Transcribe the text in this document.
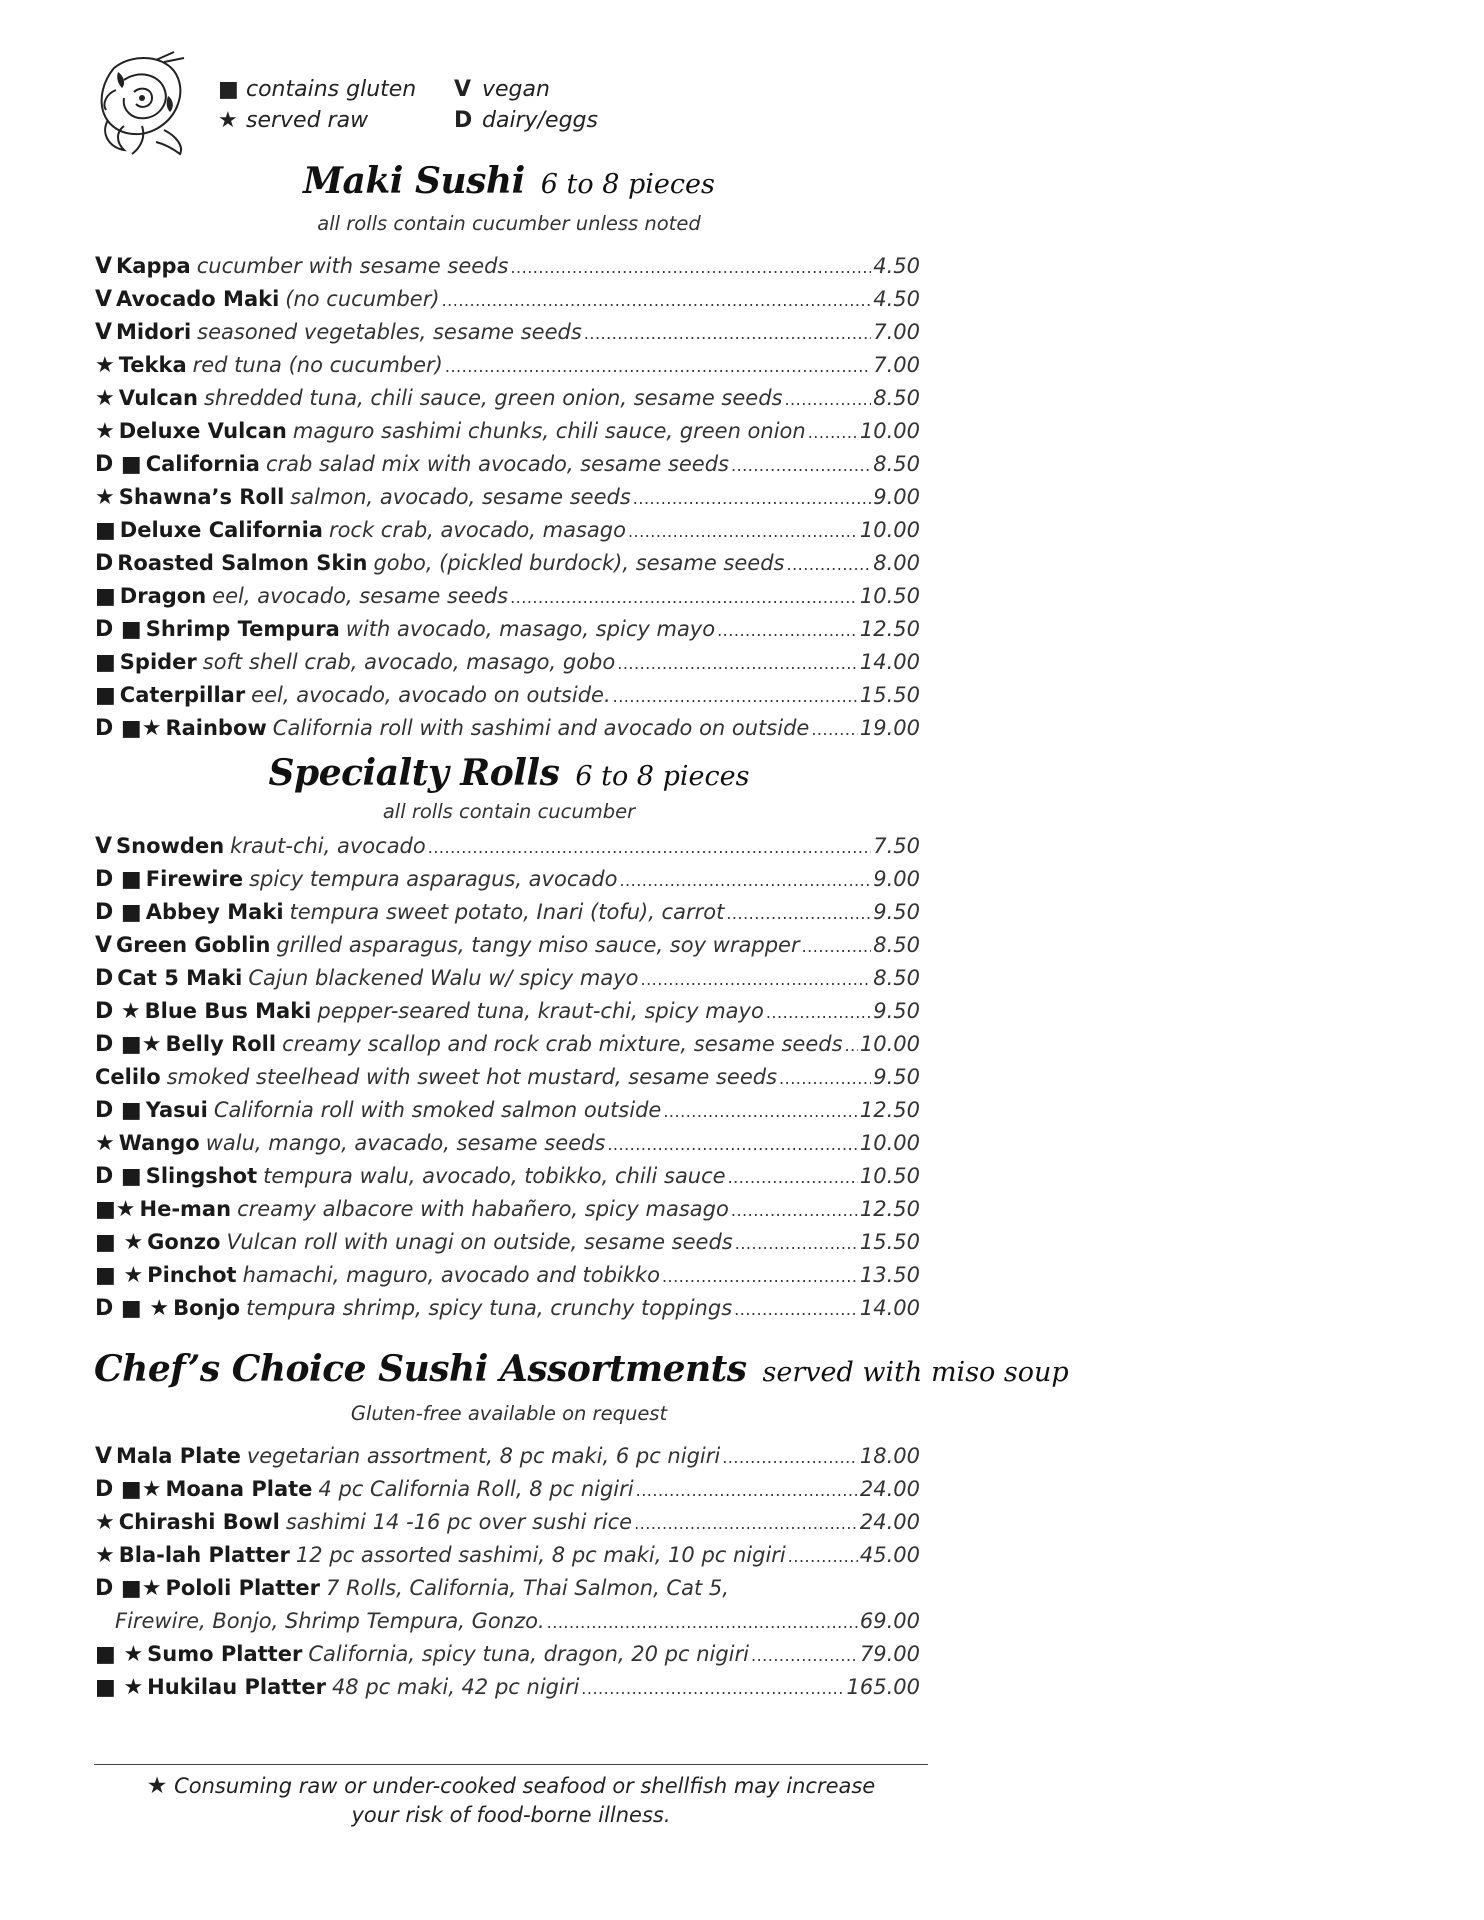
■ contains gluten
★ served raw
V vegan
D dairy/eggs
Maki Sushi 6 to 8 pieces
all rolls contain cucumber unless noted
V Kappa cucumber with sesame seeds .....	4.50
V Avocado Maki (no cucumber) .....	4.50
V Midori seasoned vegetables, sesame seeds .....	7.00
★ Tekka red tuna (no cucumber) .....	7.00
★ Vulcan shredded tuna, chili sauce, green onion, sesame seeds .....	8.50
★ Deluxe Vulcan maguro sashimi chunks, chili sauce, green onion .....	10.00
D ■ California crab salad mix with avocado, sesame seeds .....	8.50
★ Shawna’s Roll salmon, avocado, sesame seeds .....	9.00
■ Deluxe California rock crab, avocado, masago .....	10.00
D Roasted Salmon Skin gobo, (pickled burdock), sesame seeds .....	8.00
■ Dragon eel, avocado, sesame seeds .....	10.50
D ■ Shrimp Tempura with avocado, masago, spicy mayo .....	12.50
■ Spider soft shell crab, avocado, masago, gobo .....	14.00
■ Caterpillar eel, avocado, avocado on outside. .....	15.50
D ■★ Rainbow California roll with sashimi and avocado on outside ..... 19.00
Specialty Rolls 6 to 8 pieces
all rolls contain cucumber
V Snowden kraut-chi, avocado .....	7.50
D ■ Firewire spicy tempura asparagus, avocado .....	9.00
D ■ Abbey Maki tempura sweet potato, Inari (tofu), carrot .....	9.50
V Green Goblin grilled asparagus, tangy miso sauce, soy wrapper .....	8.50
D Cat 5 Maki Cajun blackened Walu w/ spicy mayo .....	8.50
D ★ Blue Bus Maki pepper-seared tuna, kraut-chi, spicy mayo .....	9.50
D ■★ Belly Roll creamy scallop and rock crab mixture, sesame seeds ..... 10.00
Celilo smoked steelhead with sweet hot mustard, sesame seeds .....	9.50
D ■ Yasui California roll with smoked salmon outside .....	12.50
★ Wango walu, mango, avacado, sesame seeds .....	10.00
D ■ Slingshot tempura walu, avocado, tobikko, chili sauce .....	10.50
■★ He-man creamy albacore with habañero, spicy masago .....	12.50
■ ★ Gonzo Vulcan roll with unagi on outside, sesame seeds .....	15.50
■ ★ Pinchot hamachi, maguro, avocado and tobikko .....	13.50
D ■ ★ Bonjo tempura shrimp, spicy tuna, crunchy toppings .....	14.00
Chef’s Choice Sushi Assortments served with miso soup
Gluten-free available on request
V Mala Plate vegetarian assortment, 8 pc maki, 6 pc nigiri .....	18.00
D ■★ Moana Plate 4 pc California Roll, 8 pc nigiri .....	24.00
★ Chirashi Bowl sashimi 14 -16 pc over sushi rice .....	24.00
★ Bla-lah Platter 12 pc assorted sashimi, 8 pc maki, 10 pc nigiri .....	45.00
D ■★ Pololi Platter 7 Rolls, California, Thai Salmon, Cat 5,
Firewire, Bonjo, Shrimp Tempura, Gonzo. .....	69.00
■ ★ Sumo Platter California, spicy tuna, dragon, 20 pc nigiri .....	79.00
■ ★ Hukilau Platter 48 pc maki, 42 pc nigiri .....	165.00
★ Consuming raw or under-cooked seafood or shellfish may increase
your risk of food-borne illness.
